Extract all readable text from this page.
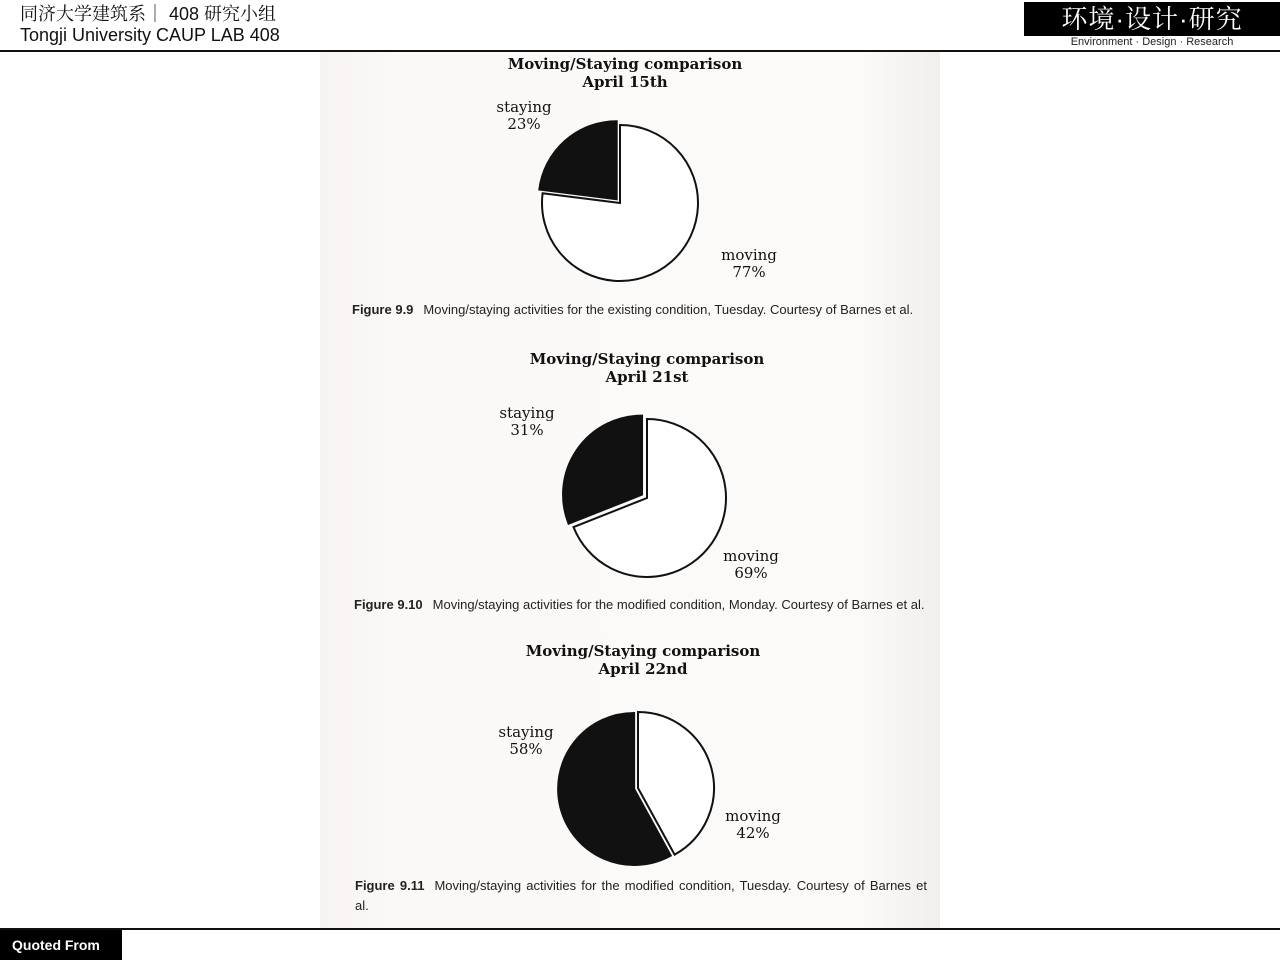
同济大学建筑系｜ 408 研究小组
Tongji University CAUP LAB 408
环境·设计·研究
Environment · Design · Research
Moving/Staying comparison
April 15th
staying
23%
moving
77%
Figure 9.9 Moving/staying activities for the existing condition, Tuesday. Courtesy of Barnes et al.
Moving/Staying comparison
April 21st
staying
31%
moving
69%
Figure 9.10 Moving/staying activities for the modified condition, Monday. Courtesy of Barnes et al.
Moving/Staying comparison
April 22nd
staying
58%
moving
42%
Figure 9.11 Moving/staying activities for the modified condition, Tuesday. Courtesy of Barnes et al.
Quoted From
